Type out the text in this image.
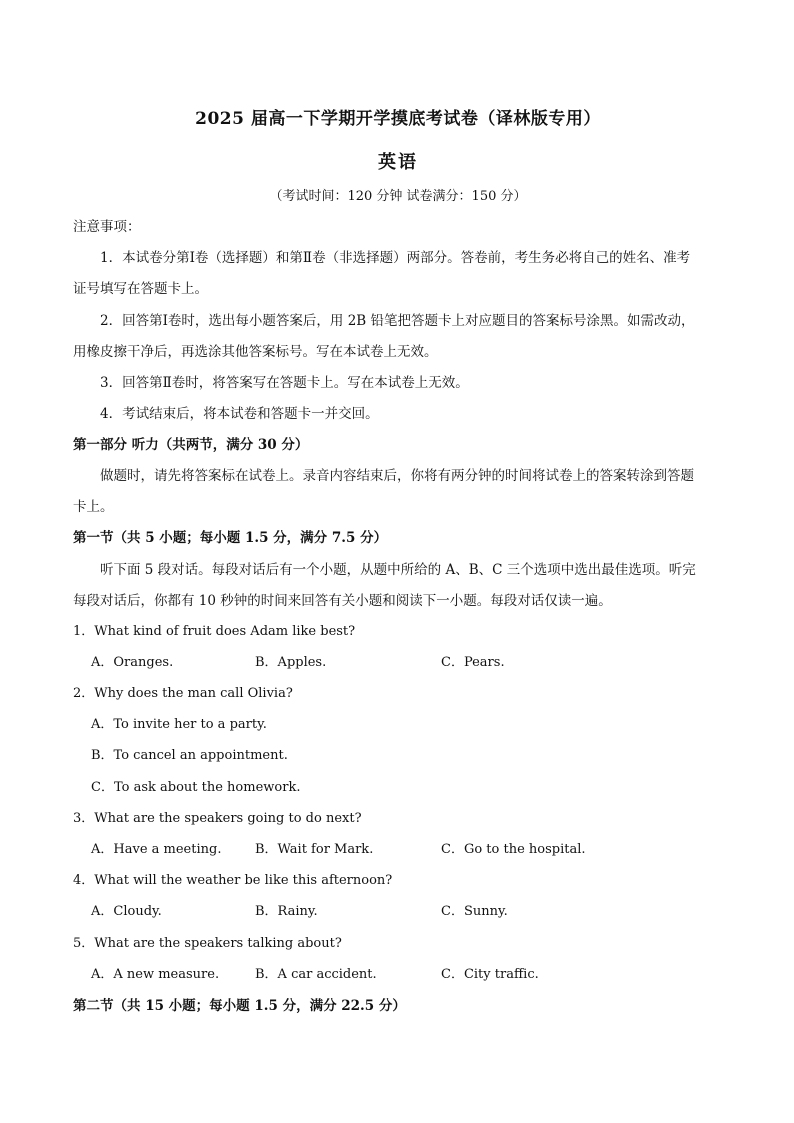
2025 届高一下学期开学摸底考试卷（译林版专用）
英语
（考试时间：120 分钟 试卷满分：150 分）
注意事项：
1．本试卷分第Ⅰ卷（选择题）和第Ⅱ卷（非选择题）两部分。答卷前，考生务必将自己的姓名、准考
证号填写在答题卡上。
2．回答第Ⅰ卷时，选出每小题答案后，用 2B 铅笔把答题卡上对应题目的答案标号涂黑。如需改动，
用橡皮擦干净后，再选涂其他答案标号。写在本试卷上无效。
3．回答第Ⅱ卷时，将答案写在答题卡上。写在本试卷上无效。
4．考试结束后，将本试卷和答题卡一并交回。
第一部分 听力（共两节，满分 30 分）
做题时，请先将答案标在试卷上。录音内容结束后，你将有两分钟的时间将试卷上的答案转涂到答题
卡上。
第一节（共 5 小题；每小题 1.5 分，满分 7.5 分）
听下面 5 段对话。每段对话后有一个小题，从题中所给的 A、B、C 三个选项中选出最佳选项。听完
每段对话后，你都有 10 秒钟的时间来回答有关小题和阅读下一小题。每段对话仅读一遍。
1．What kind of fruit does Adam like best?
A．Oranges.	B．Apples.	C．Pears.
2．Why does the man call Olivia?
A．To invite her to a party.
B．To cancel an appointment.
C．To ask about the homework.
3．What are the speakers going to do next?
A．Have a meeting.	B．Wait for Mark.	C．Go to the hospital.
4．What will the weather be like this afternoon?
A．Cloudy.	B．Rainy.	C．Sunny.
5．What are the speakers talking about?
A．A new measure.	B．A car accident.	C．City traffic.
第二节（共 15 小题；每小题 1.5 分，满分 22.5 分）
